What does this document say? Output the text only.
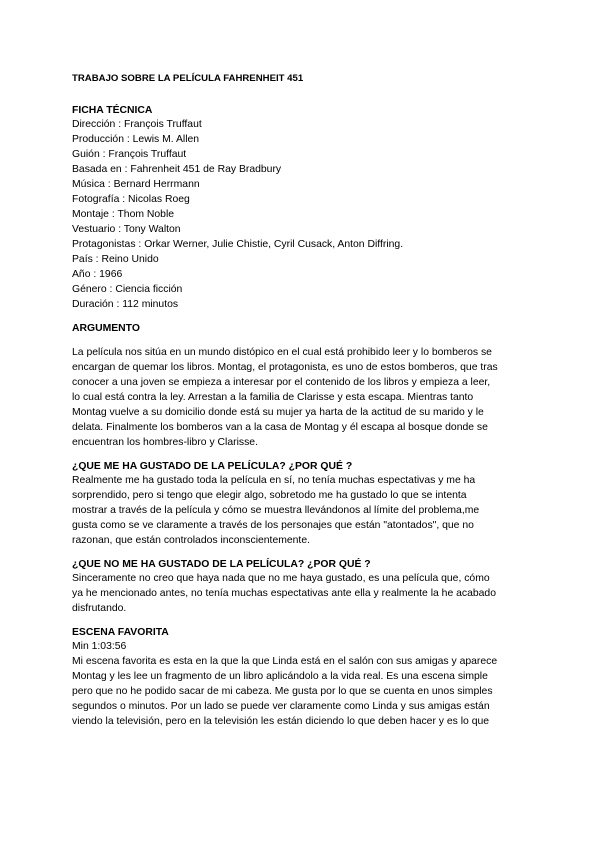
TRABAJO SOBRE LA PELÍCULA FAHRENHEIT 451
FICHA TÉCNICA
Dirección : François Truffaut
Producción : Lewis M. Allen
Guión : François Truffaut
Basada en : Fahrenheit 451 de Ray Bradbury
Música : Bernard Herrmann
Fotografía : Nicolas Roeg
Montaje : Thom Noble
Vestuario : Tony Walton
Protagonistas : Orkar Werner, Julie Chistie, Cyril Cusack, Anton Diffring.
País : Reino Unido
Año : 1966
Género : Ciencia ficción
Duración : 112 minutos
ARGUMENTO
La película nos sitúa en un mundo distópico en el cual está prohibido leer y lo bomberos se
encargan de quemar los libros. Montag, el protagonista, es uno de estos bomberos, que tras
conocer a una joven se empieza a interesar por el contenido de los libros y empieza a leer,
lo cual está contra la ley. Arrestan a la familia de Clarisse y esta escapa. Mientras tanto
Montag vuelve a su domicilio donde está su mujer ya harta de la actitud de su marido y le
delata. Finalmente los bomberos van a la casa de Montag y él escapa al bosque donde se
encuentran los hombres-libro y Clarisse.
¿QUE ME HA GUSTADO DE LA PELÍCULA? ¿POR QUÉ ?
Realmente me ha gustado toda la película en sí, no tenía muchas espectativas y me ha
sorprendido, pero si tengo que elegir algo, sobretodo me ha gustado lo que se intenta
mostrar a través de la película y cómo se muestra llevándonos al límite del problema,me
gusta como se ve claramente a través de los personajes que están "atontados", que no
razonan, que están controlados inconscientemente.
¿QUE NO ME HA GUSTADO DE LA PELÍCULA? ¿POR QUÉ ?
Sinceramente no creo que haya nada que no me haya gustado, es una película que, cómo
ya he mencionado antes, no tenía muchas espectativas ante ella y realmente la he acabado
disfrutando.
ESCENA FAVORITA
Min 1:03:56
Mi escena favorita es esta en la que la que Linda está en el salón con sus amigas y aparece
Montag y les lee un fragmento de un libro aplicándolo a la vida real. Es una escena simple
pero que no he podido sacar de mi cabeza. Me gusta por lo que se cuenta en unos simples
segundos o minutos. Por un lado se puede ver claramente como Linda y sus amigas están
viendo la televisión, pero en la televisión les están diciendo lo que deben hacer y es lo que
